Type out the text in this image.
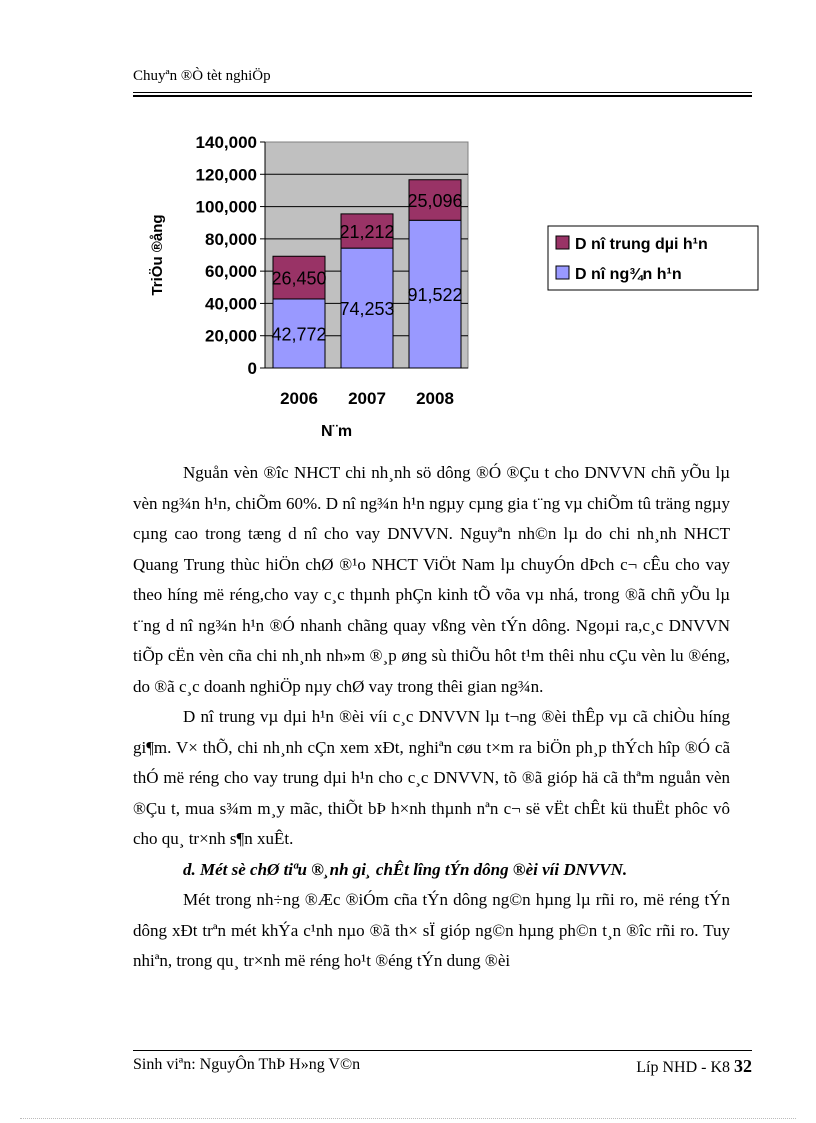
Chuyªn ®Ò tèt nghiÖp
0
20,000
40,000
60,000
80,000
100,000
120,000
140,000
42,772
26,450
2006
74,253
21,212
2007
91,522
25,096
2008
N¨m
TriÖu ®ång	D nî trung dµi h¹n
D nî ng¾n h¹n

Nguån vèn ®îc NHCT chi nh¸nh sö dông ®Ó ®Çu t cho DNVVN chñ yÕu lµ vèn ng¾n h¹n, chiÕm 60%. D nî ng¾n h¹n ngµy cµng gia t¨ng vµ chiÕm tû träng ngµy cµng cao trong tæng d nî cho vay DNVVN. Nguyªn nh©n lµ do chi nh¸nh NHCT Quang Trung thùc hiÖn chØ ®¹o NHCT ViÖt Nam lµ chuyÓn dÞch c¬ cÊu cho vay theo híng më réng,cho vay c¸c thµnh phÇn kinh tÕ võa vµ nhá, trong ®ã chñ yÕu lµ t¨ng d nî ng¾n h¹n ®Ó nhanh chãng quay vßng vèn tÝn dông. Ngoµi ra,c¸c DNVVN tiÕp cËn vèn cña chi nh¸nh nh»m ®¸p øng sù thiÕu hôt t¹m thêi nhu cÇu vèn lu ®éng, do ®ã c¸c doanh nghiÖp nµy chØ vay trong thêi gian ng¾n.

D nî trung vµ dµi h¹n ®èi víi c¸c DNVVN lµ t¬ng ®èi thÊp vµ cã chiÒu híng gi¶m. V× thÕ, chi nh¸nh cÇn xem xÐt, nghiªn cøu t×m ra biÖn ph¸p thÝch hîp ®Ó cã thÓ më réng cho vay trung dµi h¹n cho c¸c DNVVN, tõ ®ã gióp hä cã thªm nguån vèn ®Çu t, mua s¾m m¸y mãc, thiÕt bÞ h×nh thµnh nªn c¬ së vËt chÊt kü thuËt phôc vô cho qu¸ tr×nh s¶n xuÊt.

d. Mét sè chØ tiªu ®¸nh gi¸ chÊt lîng tÝn dông ®èi víi DNVVN.

Mét trong nh÷ng ®Æc ®iÓm cña tÝn dông ng©n hµng lµ rñi ro, më réng tÝn dông xÐt trªn mét khÝa c¹nh nµo ®ã th× sÏ gióp ng©n hµng ph©n t¸n ®îc rñi ro. Tuy nhiªn, trong qu¸ tr×nh më réng ho¹t ®éng tÝn dung ®èi

Sinh viªn: NguyÔn ThÞ H»ng V©n	Líp NHD - K8 32
